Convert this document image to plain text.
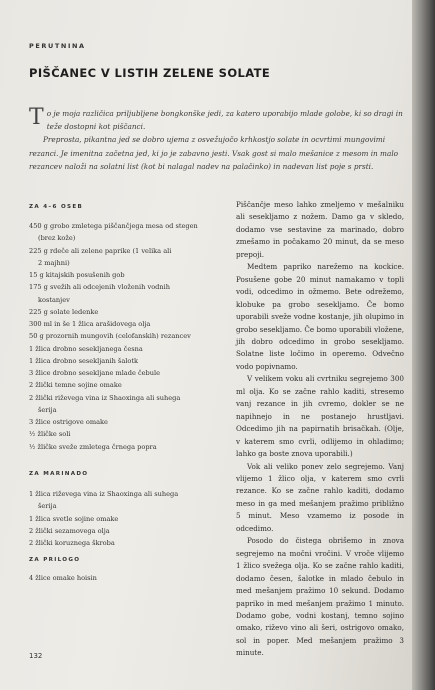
PERUTNINA
PIŠČANEC V LISTIH ZELENE SOLATE

To je moja različica priljubljene bongkonške jedi, za katero uporabijo mlade golobe, ki so dragi in teže dostopni kot piščanci.

Preprosta, pikantna jed se dobro ujema z osvežujočo krhkostjo solate in ocvrtimi mungovimi rezanci. Je imenitna začetna jed, ki jo je zabavno jesti. Vsak gost si malo mešanice z mesom in malo rezancev naloži na solatni list (kot bi nalagal nadev na palačinko) in nadevan list poje s prsti.

ZA 4–6 OSEB
450 g grobo zmletega piščančjega mesa od stegen
(brez kože)
225 g rdeče ali zelene paprike (1 velika ali
2 majhni)
15 g kitajskih posušenih gob
175 g svežih ali odcejenih vloženih vodnih
kostanjev
225 g solate ledenke
300 ml in še 1 žlica arašidovega olja
50 g prozornih mungovih (celofanskih) rezancev
1 žlica drobno sesekljanega česna
1 žlica drobno sesekljanih šalotk
3 žlice drobno sesekljane mlade čebule
2 žlički temne sojine omake
2 žlički riževega vina iz Shaoxinga ali suhega
šerija
3 žlice ostrigove omake
½ žličke soli
½ žličke sveže zmletega črnega popra
ZA MARINADO
1 žlica riževega vina iz Shaoxinga ali suhega
šerija
1 žlica svetle sojine omake
2 žlički sezamovega olja
2 žlički koruznega škroba
ZA PRILOGO
4 žlice omake hoisin

Piščančje meso lahko zmeljemo v mešalniku ali sesekljamo z nožem. Damo ga v skledo, dodamo vse sestavine za marinado, dobro zmešamo in počakamo 20 minut, da se meso prepoji.

Medtem papriko narežemo na kockice. Posušene gobe 20 minut namakamo v topli vodi, odcedimo in ožmemo. Bete odrežemo, klobuke pa grobo sesekljamo. Če bomo uporabili sveže vodne kostanje, jih olupimo in grobo sesekljamo. Če bomo uporabili vložene, jih dobro odcedimo in grobo sesekljamo. Solatne liste ločimo in operemo. Odvečno vodo popivnamo.

V velikem voku ali cvrtniku segrejemo 300 ml olja. Ko se začne rahlo kaditi, stresemo vanj rezance in jih cvremo, dokler se ne napihnejo in ne postanejo hrustljavi. Odcedimo jih na papirnatih brisačkah. (Olje, v katerem smo cvrli, odlijemo in ohladimo; lahko ga boste znova uporabili.)

Vok ali veliko ponev zelo segrejemo. Vanj vlijemo 1 žlico olja, v katerem smo cvrli rezance. Ko se začne rahlo kaditi, dodamo meso in ga med mešanjem pražimo približno 5 minut. Meso vzamemo iz posode in odcedimo.

Posodo do čistega obrišemo in znova segrejemo na močni vročini. V vroče vlijemo 1 žlico svežega olja. Ko se začne rahlo kaditi, dodamo česen, šalotke in mlado čebulo in med mešanjem pražimo 10 sekund. Dodamo papriko in med mešanjem pražimo 1 minuto. Dodamo gobe, vodni kostanj, temno sojino omako, riževo vino ali šeri, ostrigovo omako, sol in poper. Med mešanjem pražimo 3 minute.

132
